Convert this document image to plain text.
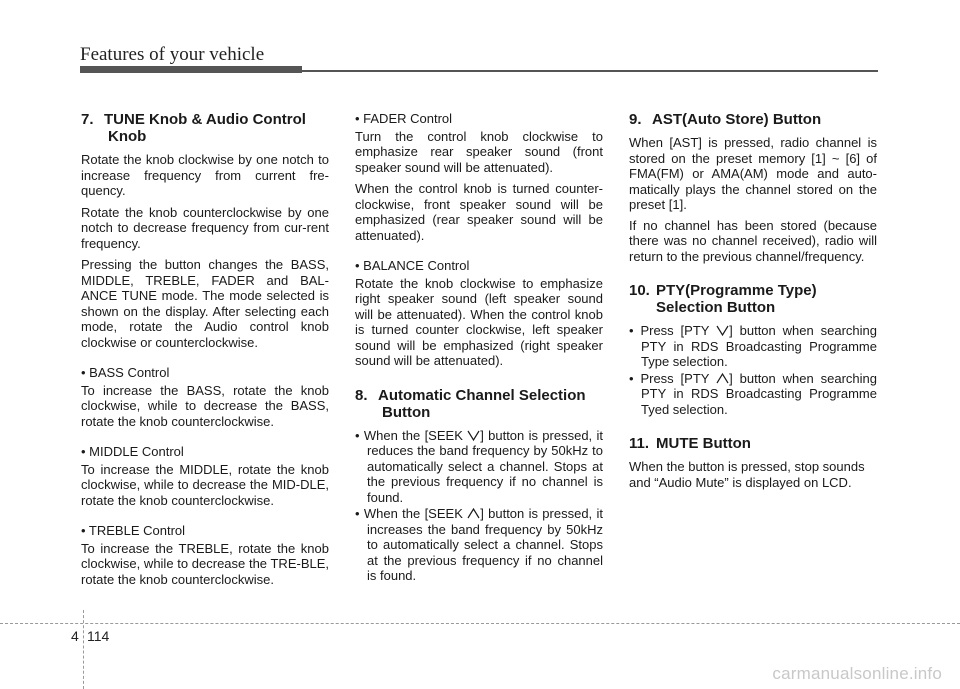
Features of your vehicle
7. TUNE Knob & Audio Control Knob

Rotate the knob clockwise by one notch to increase frequency from current fre-quency.

Rotate the knob counterclockwise by one notch to decrease frequency from cur-rent frequency.

Pressing the button changes the BASS, MIDDLE, TREBLE, FADER and BAL-ANCE TUNE mode. The mode selected is shown on the display. After selecting each mode, rotate the Audio control knob clockwise or counterclockwise.

• BASS Control

To increase the BASS, rotate the knob clockwise, while to decrease the BASS, rotate the knob counterclockwise.

• MIDDLE Control

To increase the MIDDLE, rotate the knob clockwise, while to decrease the MID-DLE, rotate the knob counterclockwise.

• TREBLE Control

To increase the TREBLE, rotate the knob clockwise, while to decrease the TRE-BLE, rotate the knob counterclockwise.

• FADER Control

Turn the control knob clockwise to emphasize rear speaker sound (front speaker sound will be attenuated).

When the control knob is turned counter-clockwise, front speaker sound will be emphasized (rear speaker sound will be attenuated).

• BALANCE Control

Rotate the knob clockwise to emphasize right speaker sound (left speaker sound will be attenuated). When the control knob is turned counter clockwise, left speaker sound will be emphasized (right speaker sound will be attenuated).

8. Automatic Channel Selection Button
• When the [SEEK
] button is pressed, it reduces the band frequency by 50kHz to automatically select a channel. Stops at the previous frequency if no channel is found.
• When the [SEEK
] button is pressed, it increases the band frequency by 50kHz to automatically select a channel. Stops at the previous frequency if no channel is found.
9. AST(Auto Store) Button

When [AST] is pressed, radio channel is stored on the preset memory [1] ~ [6] of FMA(FM) or AMA(AM) mode and auto-matically plays the channel stored on the preset [1].

If no channel has been stored (because there was no channel received), radio will return to the previous channel/frequency.

10. PTY(Programme Type) Selection Button
• Press [PTY
] button when searching PTY in RDS Broadcasting Programme Type selection.
• Press [PTY
] button when searching PTY in RDS Broadcasting Programme Tyed selection.
11. MUTE Button

When the button is pressed, stop sounds and “Audio Mute” is displayed on LCD.

4 114
carmanualsonline.info
